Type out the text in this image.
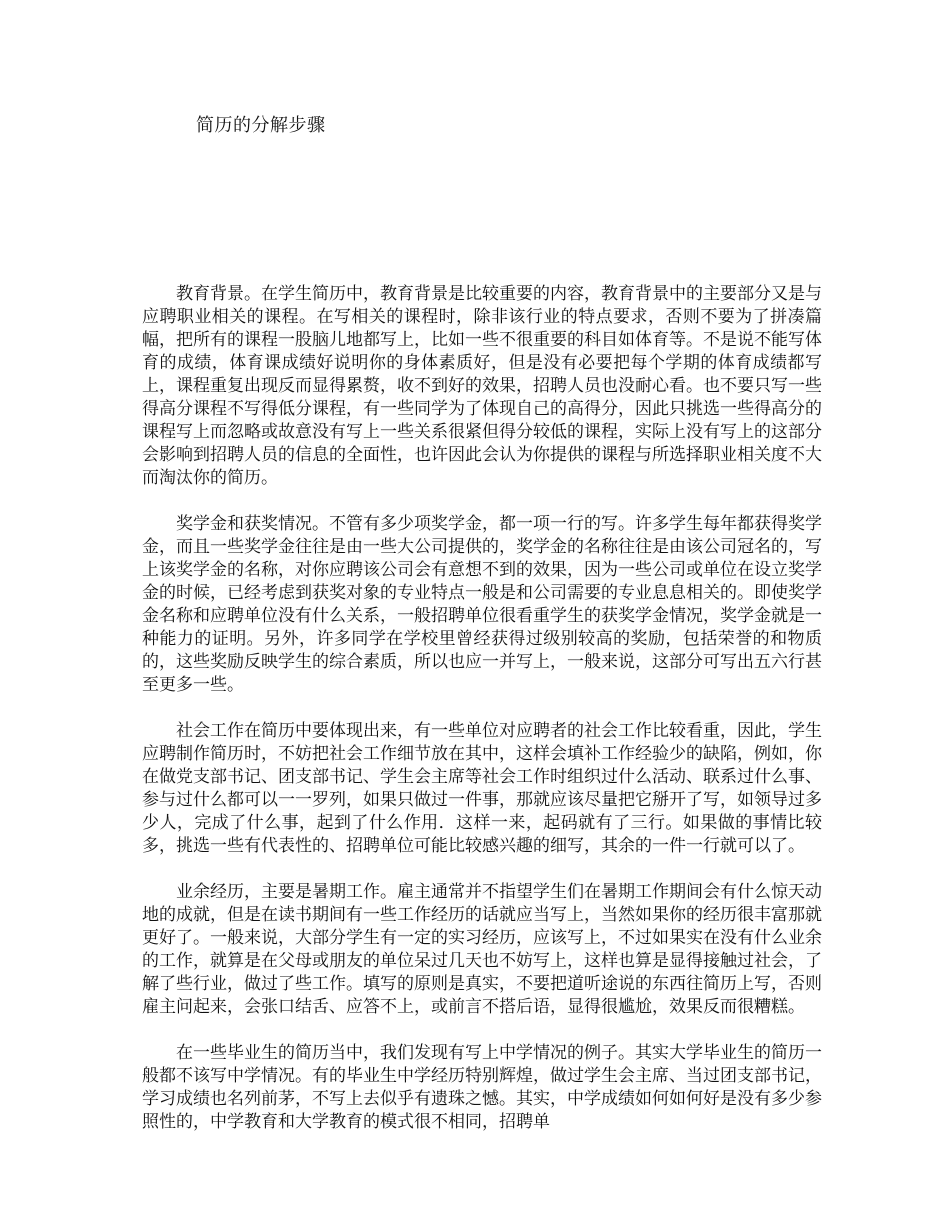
简历的分解步骤

教育背景。在学生简历中，教育背景是比较重要的内容，教育背景中的主要部分又是与应聘职业相关的课程。在写相关的课程时，除非该行业的特点要求，否则不要为了拼凑篇幅，把所有的课程一股脑儿地都写上，比如一些不很重要的科目如体育等。不是说不能写体育的成绩，体育课成绩好说明你的身体素质好，但是没有必要把每个学期的体育成绩都写上，课程重复出现反而显得累赘，收不到好的效果，招聘人员也没耐心看。也不要只写一些得高分课程不写得低分课程，有一些同学为了体现自己的高得分，因此只挑选一些得高分的课程写上而忽略或故意没有写上一些关系很紧但得分较低的课程，实际上没有写上的这部分会影响到招聘人员的信息的全面性，也许因此会认为你提供的课程与所选择职业相关度不大而淘汰你的简历。

奖学金和获奖情况。不管有多少项奖学金，都一项一行的写。许多学生每年都获得奖学金，而且一些奖学金往往是由一些大公司提供的，奖学金的名称往往是由该公司冠名的，写上该奖学金的名称，对你应聘该公司会有意想不到的效果，因为一些公司或单位在设立奖学金的时候，已经考虑到获奖对象的专业特点一般是和公司需要的专业息息相关的。即使奖学金名称和应聘单位没有什么关系，一般招聘单位很看重学生的获奖学金情况，奖学金就是一种能力的证明。另外，许多同学在学校里曾经获得过级别较高的奖励，包括荣誉的和物质的，这些奖励反映学生的综合素质，所以也应一并写上，一般来说，这部分可写出五六行甚至更多一些。

社会工作在简历中要体现出来，有一些单位对应聘者的社会工作比较看重，因此，学生应聘制作简历时，不妨把社会工作细节放在其中，这样会填补工作经验少的缺陷，例如，你在做党支部书记、团支部书记、学生会主席等社会工作时组织过什么活动、联系过什么事、参与过什么都可以一一罗列，如果只做过一件事，那就应该尽量把它掰开了写，如领导过多少人，完成了什么事，起到了什么作用．这样一来，起码就有了三行。如果做的事情比较多，挑选一些有代表性的、招聘单位可能比较感兴趣的细写，其余的一件一行就可以了。

业余经历，主要是暑期工作。雇主通常并不指望学生们在暑期工作期间会有什么惊天动地的成就，但是在读书期间有一些工作经历的话就应当写上，当然如果你的经历很丰富那就更好了。一般来说，大部分学生有一定的实习经历，应该写上，不过如果实在没有什么业余的工作，就算是在父母或朋友的单位呆过几天也不妨写上，这样也算是显得接触过社会，了解了些行业，做过了些工作。填写的原则是真实，不要把道听途说的东西往简历上写，否则雇主问起来，会张口结舌、应答不上，或前言不搭后语，显得很尴尬，效果反而很糟糕。

在一些毕业生的简历当中，我们发现有写上中学情况的例子。其实大学毕业生的简历一般都不该写中学情况。有的毕业生中学经历特别辉煌，做过学生会主席、当过团支部书记，学习成绩也名列前茅，不写上去似乎有遗珠之憾。其实，中学成绩如何如何好是没有多少参照性的，中学教育和大学教育的模式很不相同，招聘单
